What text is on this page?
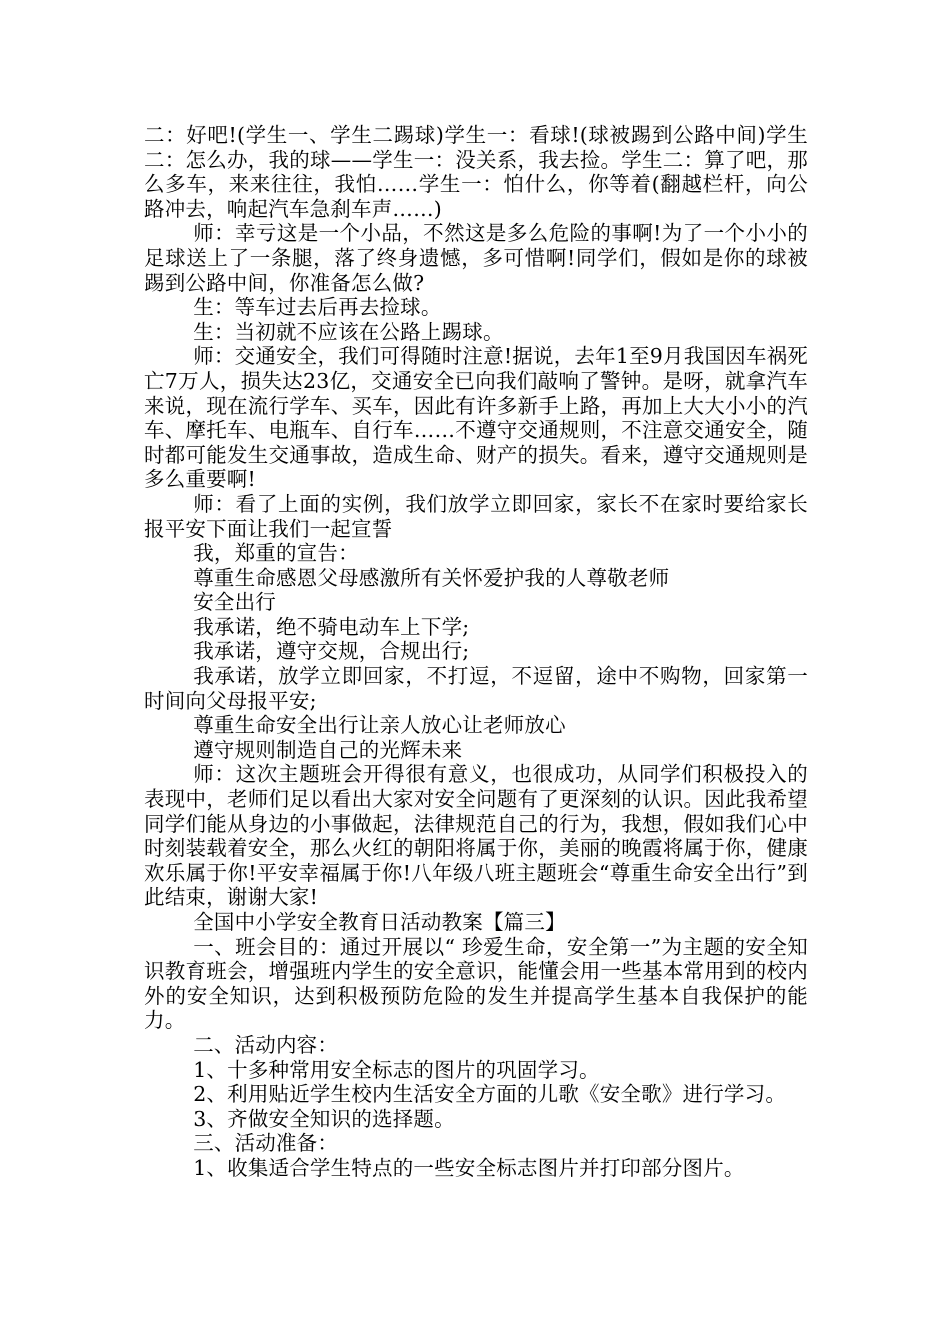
二：好吧!(学生一、学生二踢球)学生一：看球!(球被踢到公路中间)学生二：怎么办，我的球——学生一：没关系，我去捡。学生二：算了吧，那么多车，来来往往，我怕……学生一：怕什么，你等着(翻越栏杆，向公路冲去，响起汽车急刹车声……)

师：幸亏这是一个小品，不然这是多么危险的事啊!为了一个小小的足球送上了一条腿，落了终身遗憾，多可惜啊!同学们，假如是你的球被踢到公路中间，你准备怎么做?

生：等车过去后再去捡球。

生：当初就不应该在公路上踢球。

师：交通安全，我们可得随时注意!据说，去年1至9月我国因车祸死亡7万人，损失达23亿，交通安全已向我们敲响了警钟。是呀，就拿汽车来说，现在流行学车、买车，因此有许多新手上路，再加上大大小小的汽车、摩托车、电瓶车、自行车……不遵守交通规则，不注意交通安全，随时都可能发生交通事故，造成生命、财产的损失。看来，遵守交通规则是多么重要啊!

师：看了上面的实例，我们放学立即回家，家长不在家时要给家长报平安下面让我们一起宣誓

我，郑重的宣告：

尊重生命感恩父母感激所有关怀爱护我的人尊敬老师

安全出行

我承诺，绝不骑电动车上下学;

我承诺，遵守交规，合规出行;

我承诺，放学立即回家，不打逗，不逗留，途中不购物，回家第一时间向父母报平安;

尊重生命安全出行让亲人放心让老师放心

遵守规则制造自己的光辉未来

师：这次主题班会开得很有意义，也很成功，从同学们积极投入的表现中，老师们足以看出大家对安全问题有了更深刻的认识。因此我希望同学们能从身边的小事做起，法律规范自己的行为，我想，假如我们心中时刻装载着安全，那么火红的朝阳将属于你，美丽的晚霞将属于你，健康欢乐属于你!平安幸福属于你!八年级八班主题班会“尊重生命安全出行”到此结束，谢谢大家!

全国中小学安全教育日活动教案【篇三】

一、班会目的：通过开展以“ 珍爱生命，安全第一”为主题的安全知识教育班会，增强班内学生的安全意识，能懂会用一些基本常用到的校内外的安全知识，达到积极预防危险的发生并提高学生基本自我保护的能力。

二、活动内容：

1、十多种常用安全标志的图片的巩固学习。

2、利用贴近学生校内生活安全方面的儿歌《安全歌》进行学习。

3、齐做安全知识的选择题。

三、活动准备：

1、收集适合学生特点的一些安全标志图片并打印部分图片。
